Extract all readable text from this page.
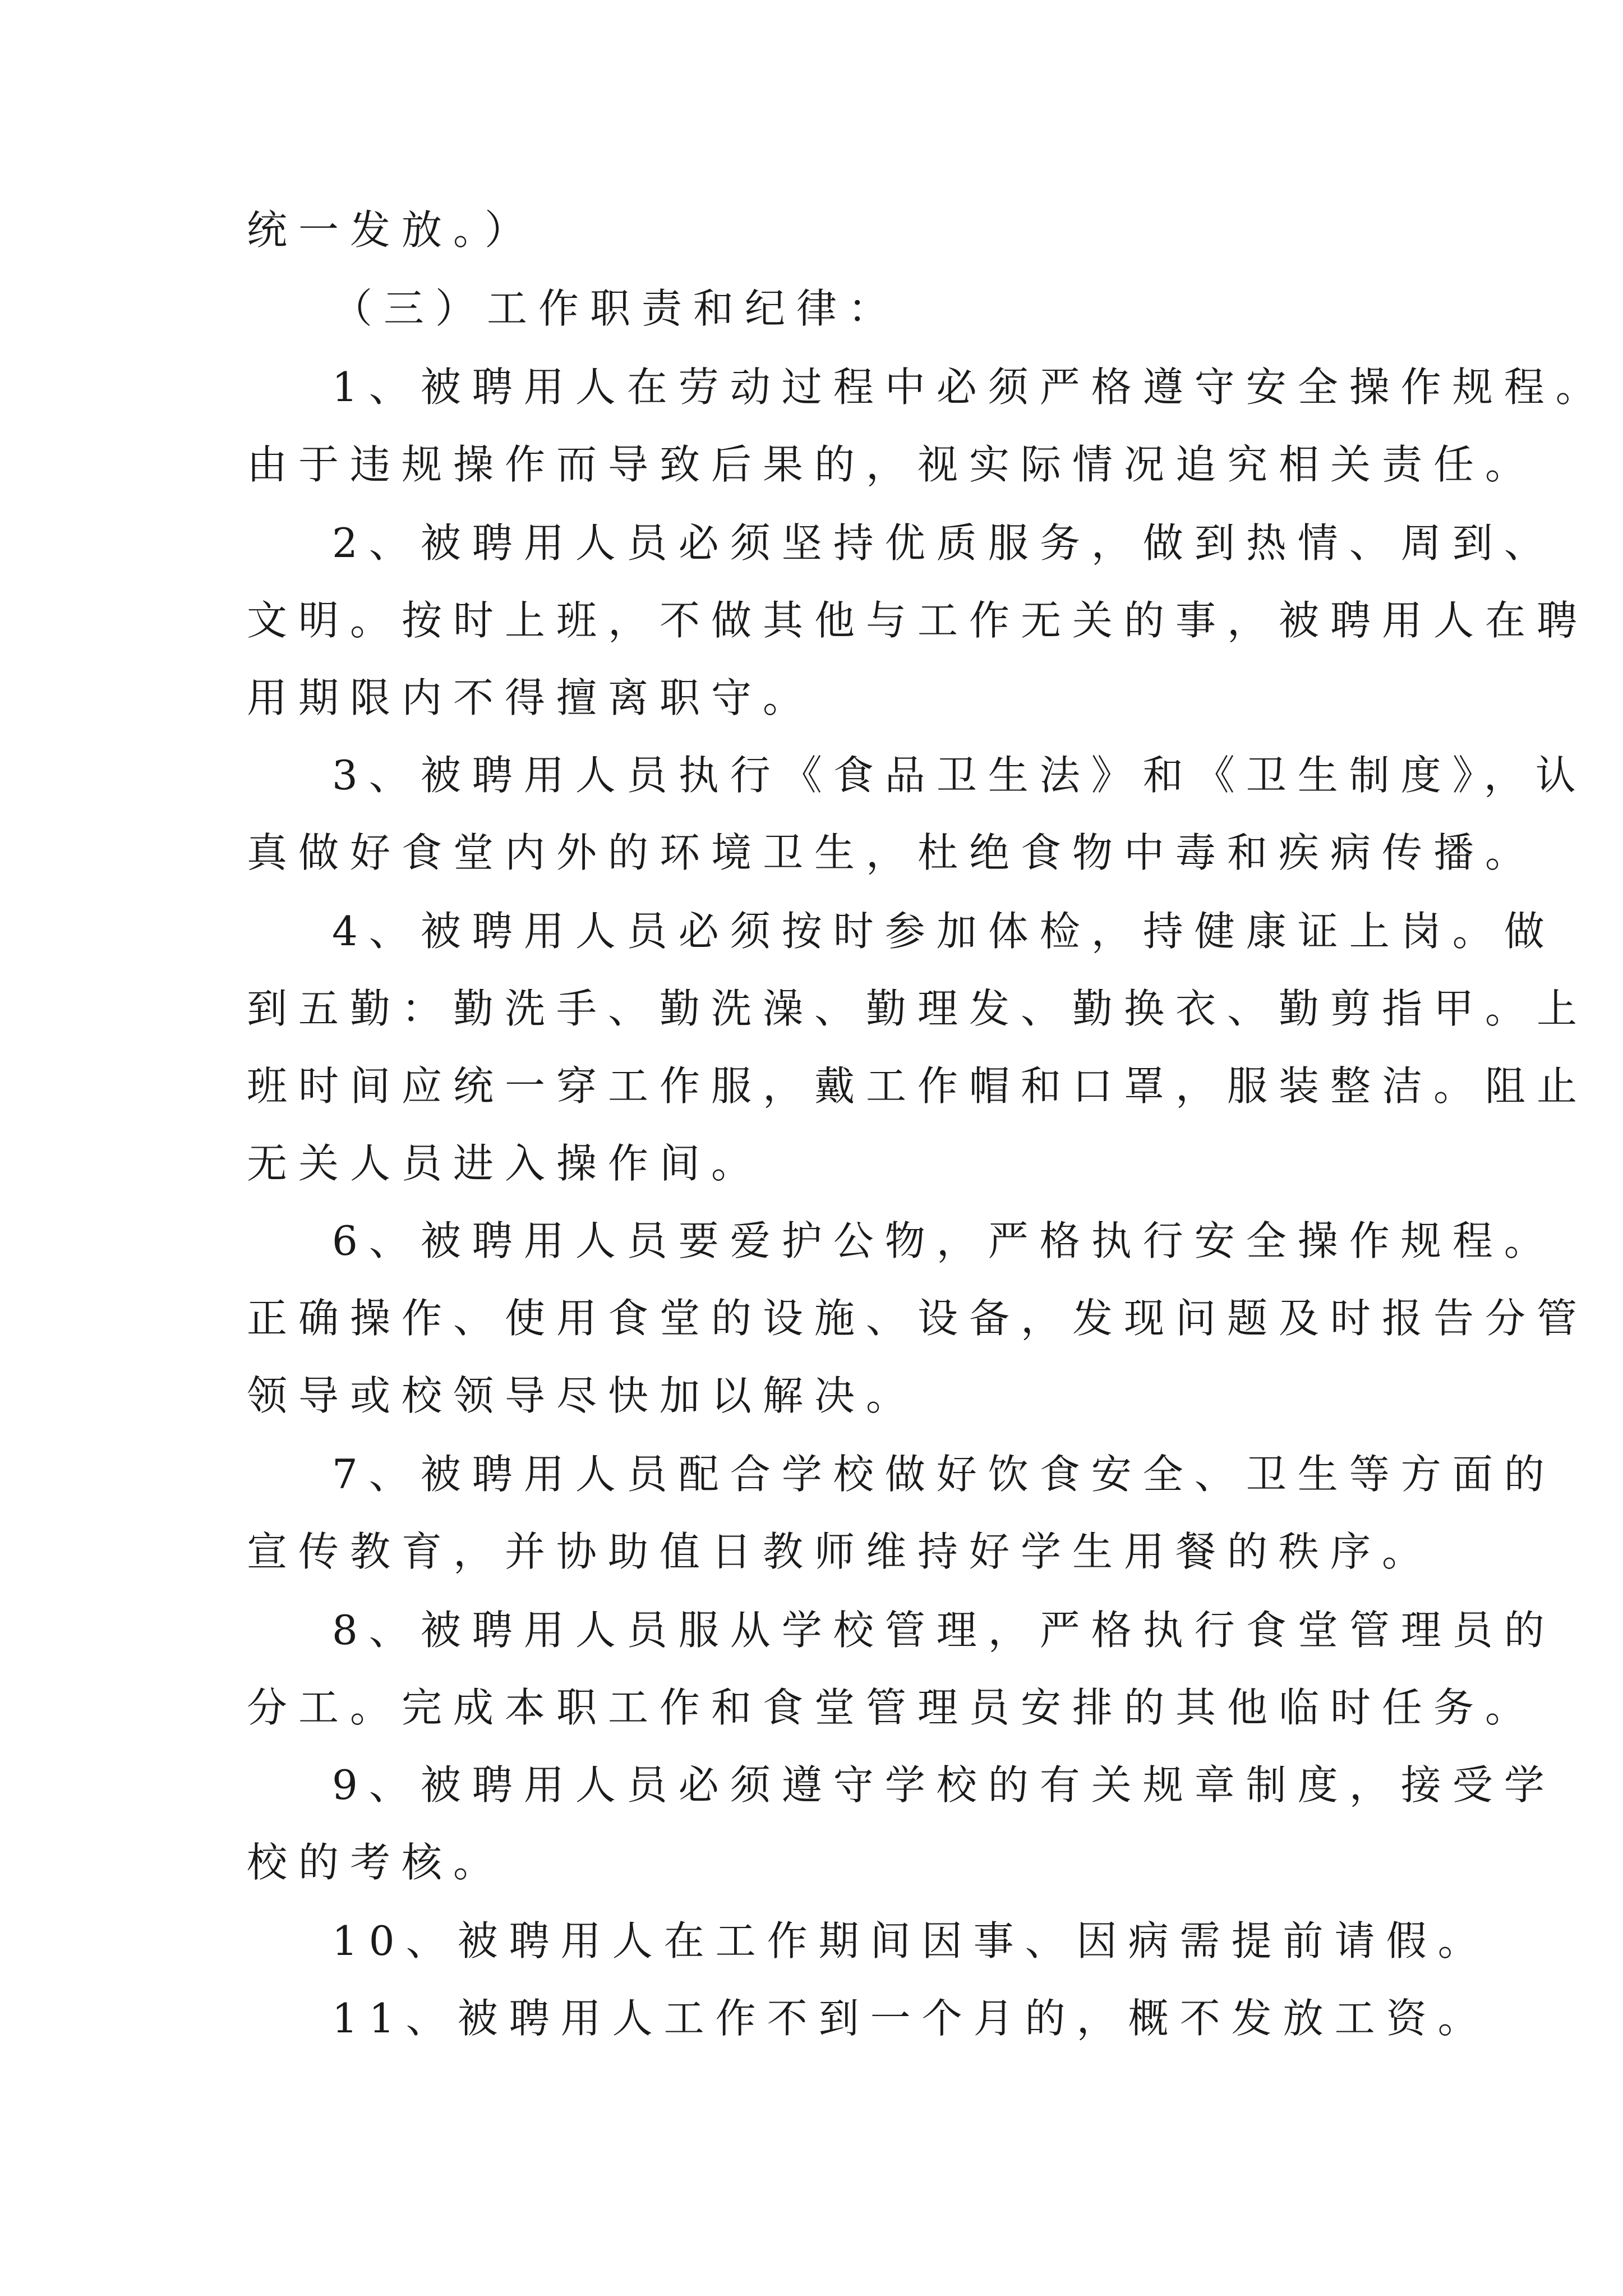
统一发放。）
（三）工作职责和纪律：
1、被聘用人在劳动过程中必须严格遵守安全操作规程。
由于违规操作而导致后果的，视实际情况追究相关责任。
2、被聘用人员必须坚持优质服务，做到热情、周到、
文明。按时上班，不做其他与工作无关的事，被聘用人在聘
用期限内不得擅离职守。
3、被聘用人员执行《食品卫生法》和《卫生制度》，认
真做好食堂内外的环境卫生，杜绝食物中毒和疾病传播。
4、被聘用人员必须按时参加体检，持健康证上岗。做
到五勤：勤洗手、勤洗澡、勤理发、勤换衣、勤剪指甲。上
班时间应统一穿工作服，戴工作帽和口罩，服装整洁。阻止
无关人员进入操作间。
6、被聘用人员要爱护公物，严格执行安全操作规程。
正确操作、使用食堂的设施、设备，发现问题及时报告分管
领导或校领导尽快加以解决。
7、被聘用人员配合学校做好饮食安全、卫生等方面的
宣传教育，并协助值日教师维持好学生用餐的秩序。
8、被聘用人员服从学校管理，严格执行食堂管理员的
分工。完成本职工作和食堂管理员安排的其他临时任务。
9、被聘用人员必须遵守学校的有关规章制度，接受学
校的考核。
10、被聘用人在工作期间因事、因病需提前请假。
11、被聘用人工作不到一个月的，概不发放工资。
